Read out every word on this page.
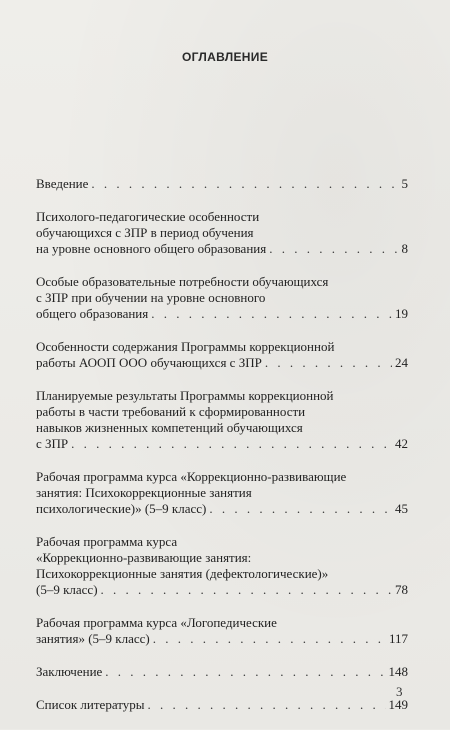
ОГЛАВЛЕНИЕ
Введение . . .	5
Психолого-педагогические особенности
обучающихся с ЗПР в период обучения
на уровне основного общего образования . . .	8
Особые образовательные потребности обучающихся
с ЗПР при обучении на уровне основного
общего образования . . .	19
Особенности содержания Программы коррекционной
работы АООП ООО обучающихся с ЗПР . . .	24
Планируемые результаты Программы коррекционной
работы в части требований к сформированности
навыков жизненных компетенций обучающихся
с ЗПР . . .	42
Рабочая программа курса «Коррекционно-развивающие
занятия: Психокоррекционные занятия
психологические)» (5–9 класс) . . .	45
Рабочая программа курса
«Коррекционно-развивающие занятия:
Психокоррекционные занятия (дефектологические)»
(5–9 класс) . . .	78
Рабочая программа курса «Логопедические
занятия» (5–9 класс) . . .	117
Заключение . . .	148
Список литературы . . .	149
3
